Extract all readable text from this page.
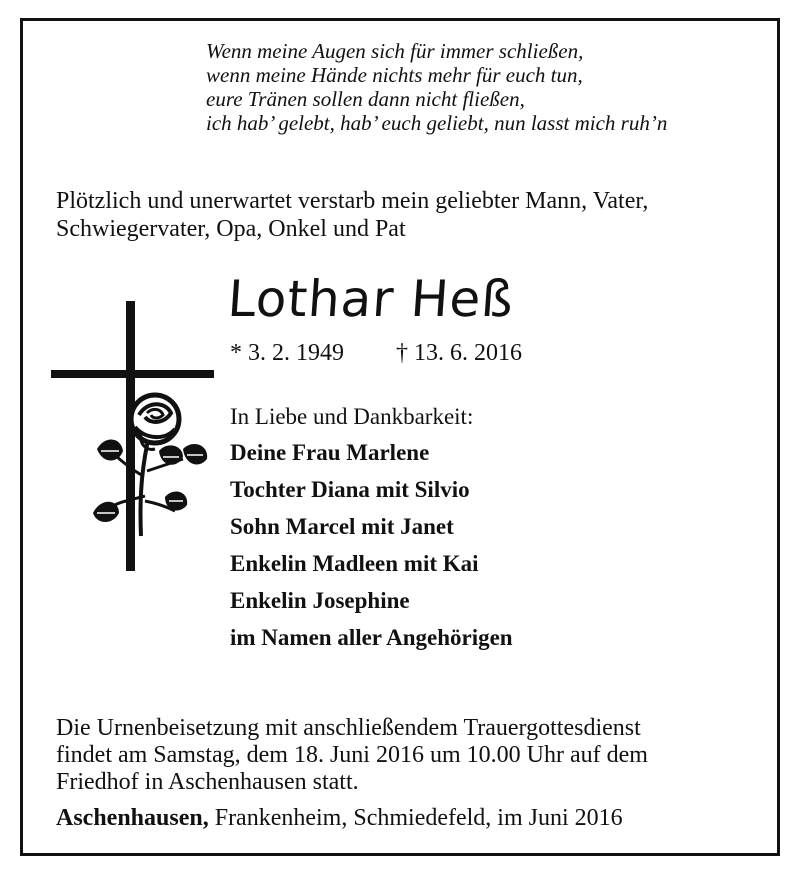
Wenn meine Augen sich für immer schließen,
wenn meine Hände nichts mehr für euch tun,
eure Tränen sollen dann nicht fließen,
ich hab’ gelebt, hab’ euch geliebt, nun lasst mich ruh’n
Plötzlich und unerwartet verstarb mein geliebter Mann, Vater,
Schwiegervater, Opa, Onkel und Pat
Lothar Heß
* 3. 2. 1949 † 13. 6. 2016
In Liebe und Dankbarkeit:
Deine Frau Marlene
Tochter Diana mit Silvio
Sohn Marcel mit Janet
Enkelin Madleen mit Kai
Enkelin Josephine
im Namen aller Angehörigen
Die Urnenbeisetzung mit anschließendem Trauergottesdienst
findet am Samstag, dem 18. Juni 2016 um 10.00 Uhr auf dem
Friedhof in Aschenhausen statt.
Aschenhausen, Frankenheim, Schmiedefeld, im Juni 2016
